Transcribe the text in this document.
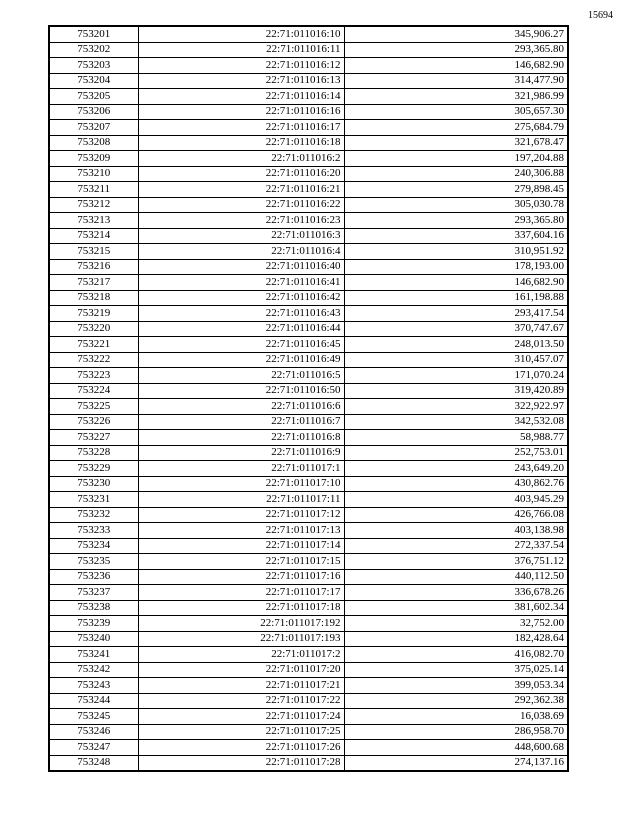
15694
753201	22:71:011016:10	345,906.27
753202	22:71:011016:11	293,365.80
753203	22:71:011016:12	146,682.90
753204	22:71:011016:13	314,477.90
753205	22:71:011016:14	321,986.99
753206	22:71:011016:16	305,657.30
753207	22:71:011016:17	275,684.79
753208	22:71:011016:18	321,678.47
753209	22:71:011016:2	197,204.88
753210	22:71:011016:20	240,306.88
753211	22:71:011016:21	279,898.45
753212	22:71:011016:22	305,030.78
753213	22:71:011016:23	293,365.80
753214	22:71:011016:3	337,604.16
753215	22:71:011016:4	310,951.92
753216	22:71:011016:40	178,193.00
753217	22:71:011016:41	146,682.90
753218	22:71:011016:42	161,198.88
753219	22:71:011016:43	293,417.54
753220	22:71:011016:44	370,747.67
753221	22:71:011016:45	248,013.50
753222	22:71:011016:49	310,457.07
753223	22:71:011016:5	171,070.24
753224	22:71:011016:50	319,420.89
753225	22:71:011016:6	322,922.97
753226	22:71:011016:7	342,532.08
753227	22:71:011016:8	58,988.77
753228	22:71:011016:9	252,753.01
753229	22:71:011017:1	243,649.20
753230	22:71:011017:10	430,862.76
753231	22:71:011017:11	403,945.29
753232	22:71:011017:12	426,766.08
753233	22:71:011017:13	403,138.98
753234	22:71:011017:14	272,337.54
753235	22:71:011017:15	376,751.12
753236	22:71:011017:16	440,112.50
753237	22:71:011017:17	336,678.26
753238	22:71:011017:18	381,602.34
753239	22:71:011017:192	32,752.00
753240	22:71:011017:193	182,428.64
753241	22:71:011017:2	416,082.70
753242	22:71:011017:20	375,025.14
753243	22:71:011017:21	399,053.34
753244	22:71:011017:22	292,362.38
753245	22:71:011017:24	16,038.69
753246	22:71:011017:25	286,958.70
753247	22:71:011017:26	448,600.68
753248	22:71:011017:28	274,137.16
